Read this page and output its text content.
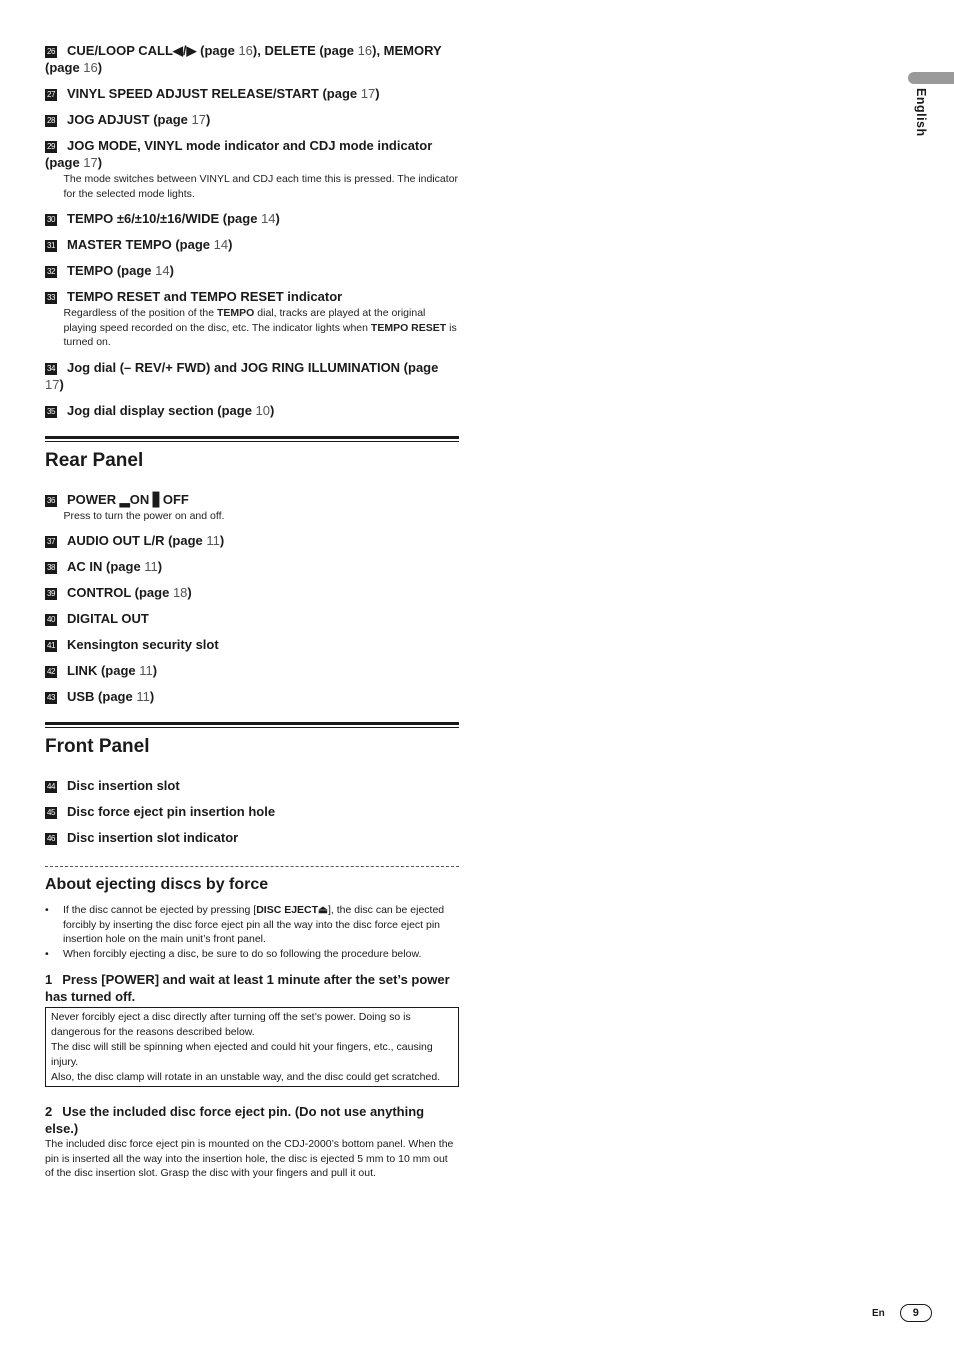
English
26 CUE/LOOP CALL◀/▶ (page 16), DELETE (page 16), MEMORY (page 16)
27 VINYL SPEED ADJUST RELEASE/START (page 17)
28 JOG ADJUST (page 17)
29 JOG MODE, VINYL mode indicator and CDJ mode indicator (page 17)
The mode switches between VINYL and CDJ each time this is pressed. The indicator for the selected mode lights.
30 TEMPO ±6/±10/±16/WIDE (page 14)
31 MASTER TEMPO (page 14)
32 TEMPO (page 14)
33 TEMPO RESET and TEMPO RESET indicator
Regardless of the position of the TEMPO dial, tracks are played at the original playing speed recorded on the disc, etc. The indicator lights when TEMPO RESET is turned on.
34 Jog dial (– REV/+ FWD) and JOG RING ILLUMINATION (page 17)
35 Jog dial display section (page 10)
Rear Panel
36 POWER ▂ON ▋OFF
Press to turn the power on and off.
37 AUDIO OUT L/R (page 11)
38 AC IN (page 11)
39 CONTROL (page 18)
40 DIGITAL OUT
41 Kensington security slot
42 LINK (page 11)
43 USB (page 11)
Front Panel
44 Disc insertion slot
45 Disc force eject pin insertion hole
46 Disc insertion slot indicator
About ejecting discs by force
• If the disc cannot be ejected by pressing [DISC EJECT⏏], the disc can be ejected forcibly by inserting the disc force eject pin all the way into the disc force eject pin insertion hole on the main unit’s front panel.
• When forcibly ejecting a disc, be sure to do so following the procedure below.
1 Press [POWER] and wait at least 1 minute after the set’s power has turned off.

Never forcibly eject a disc directly after turning off the set’s power. Doing so is dangerous for the reasons described below.

The disc will still be spinning when ejected and could hit your fingers, etc., causing injury.

Also, the disc clamp will rotate in an unstable way, and the disc could get scratched.

2 Use the included disc force eject pin. (Do not use anything else.)
The included disc force eject pin is mounted on the CDJ-2000’s bottom panel. When the pin is inserted all the way into the insertion hole, the disc is ejected 5 mm to 10 mm out of the disc insertion slot. Grasp the disc with your fingers and pull it out.
En	9
